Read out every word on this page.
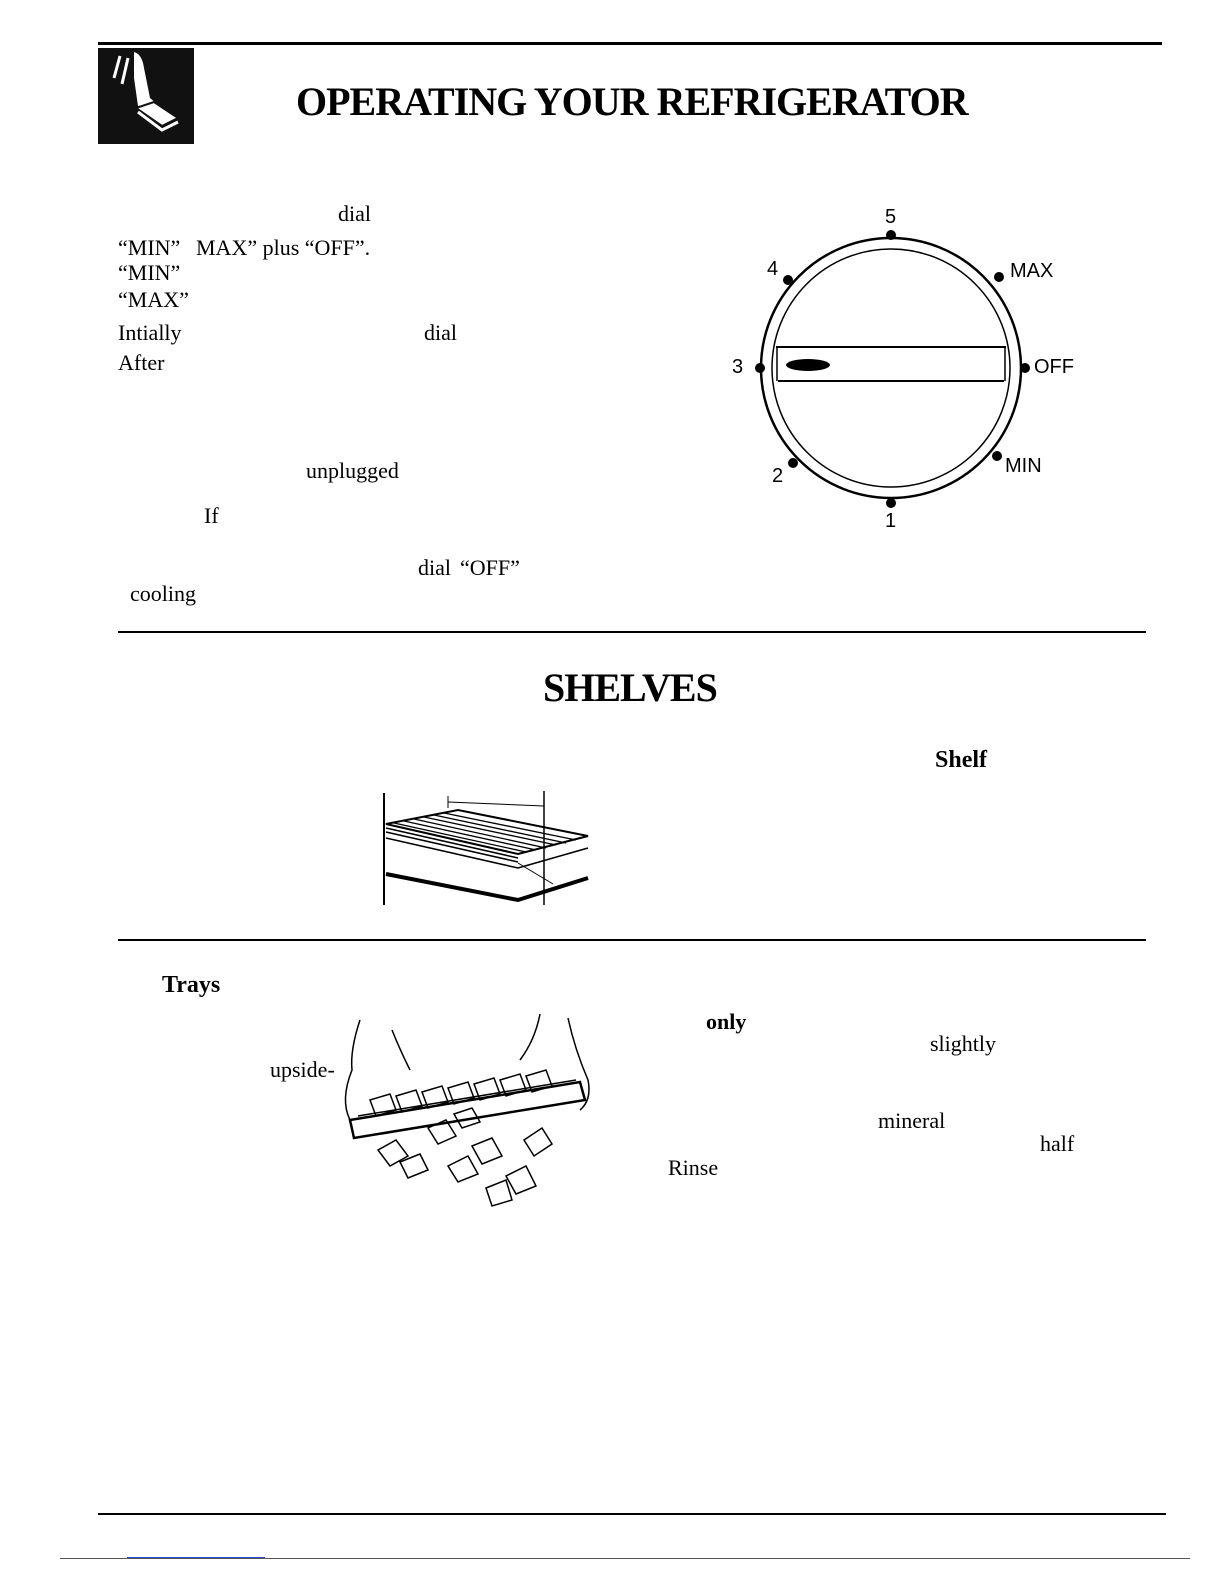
OPERATING YOUR REFRIGERATOR
dial
“MIN” MAX” plus “OFF”.
“MIN”
“MAX”
Intially	dial
After
unplugged
If
dial “OFF”
cooling
5
4	MAX
3	OFF
2	MIN
1
SHELVES
Shelf
Trays
upside-
only
slightly
mineral
half
Rinse
